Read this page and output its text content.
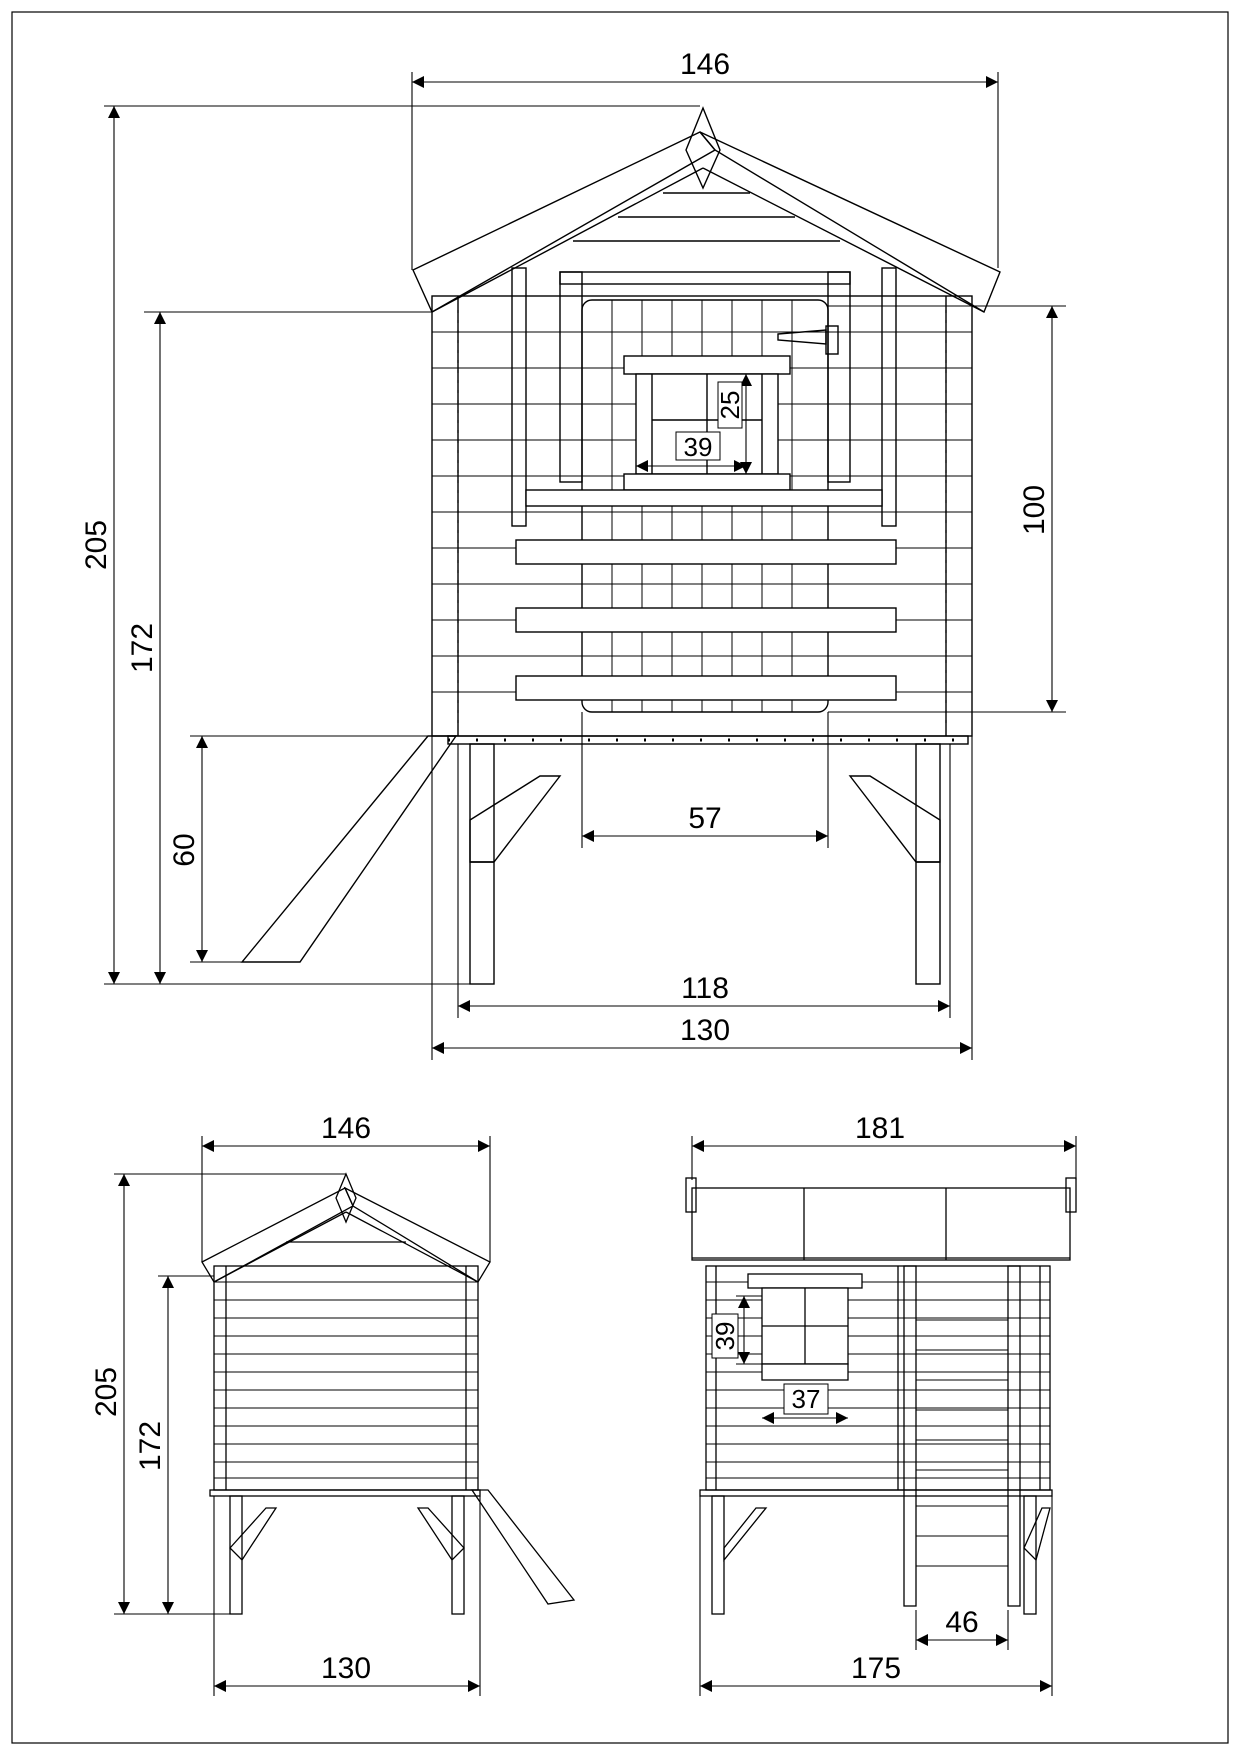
146
205
172
60
100
57
25
39
118
130
146
205
172
130
181
39
37
46
175
